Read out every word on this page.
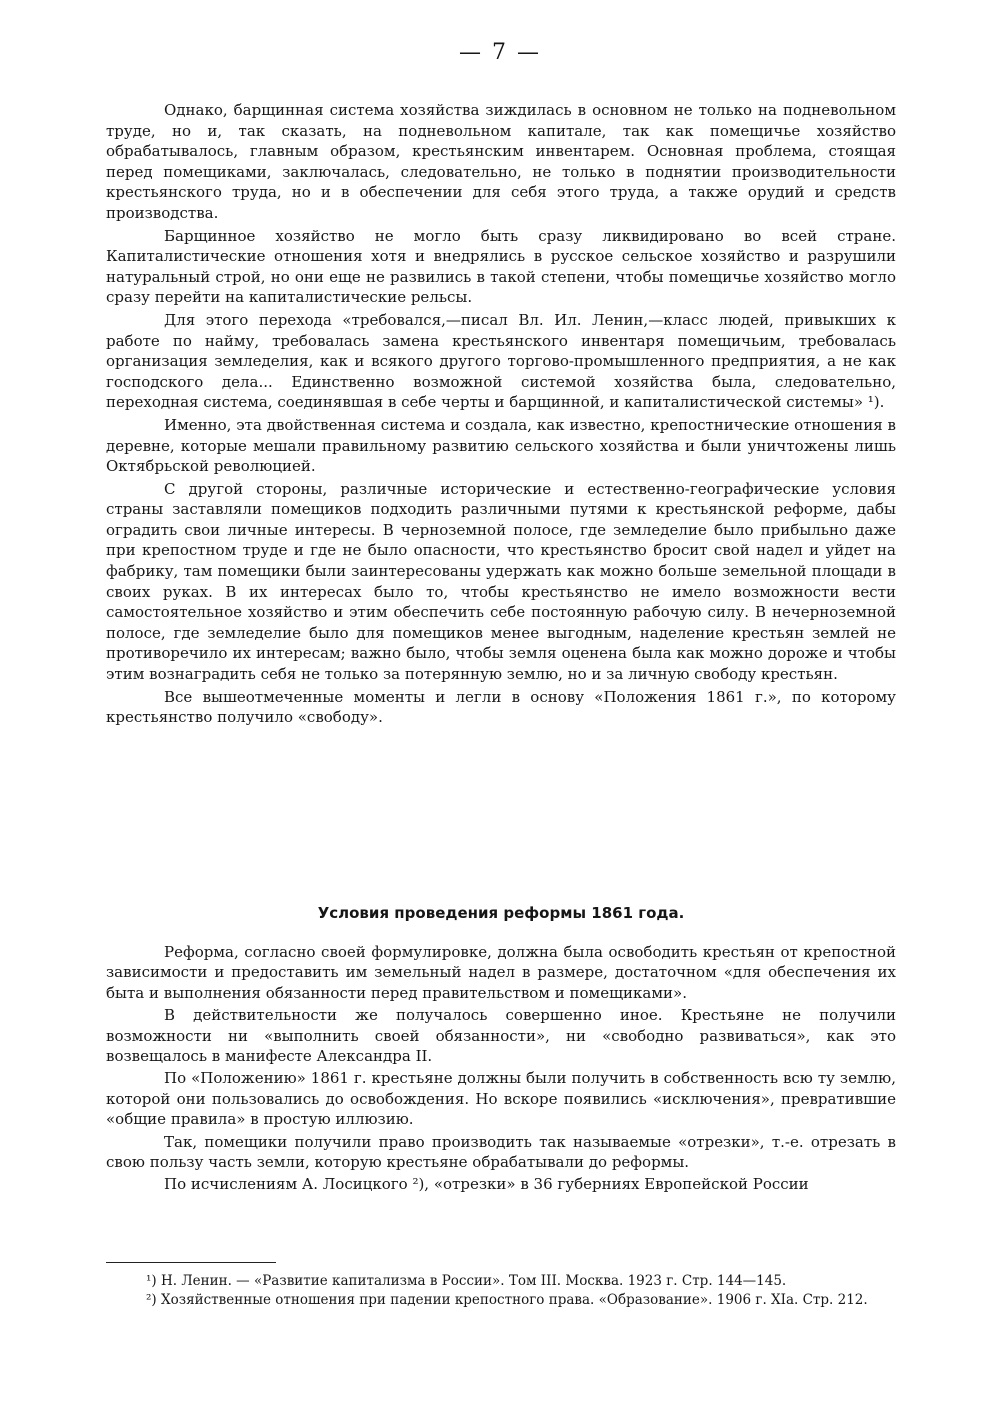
— 7 —

Однако, барщинная система хозяйства зиждилась в основном не только на подневольном труде, но и, так сказать, на подневольном капитале, так как помещичье хозяйство обрабатывалось, главным образом, крестьянским инвентарем. Основная проблема, стоящая перед помещиками, заключалась, следовательно, не только в поднятии производительности крестьянского труда, но и в обеспечении для себя этого труда, а также орудий и средств производства.

Барщинное хозяйство не могло быть сразу ликвидировано во всей стране. Капиталистические отношения хотя и внедрялись в русское сельское хозяйство и разрушили натуральный строй, но они еще не развились в такой степени, чтобы помещичье хозяйство могло сразу перейти на капиталистические рельсы.

Для этого перехода «требовался,—писал Вл. Ил. Ленин,—класс людей, привыкших к работе по найму, требовалась замена крестьянского инвентаря помещичьим, требовалась организация земледелия, как и всякого другого торгово-промышленного предприятия, а не как господского дела... Единственно возможной системой хозяйства была, следовательно, переходная система, соединявшая в себе черты и барщинной, и капиталистической системы» ¹).

Именно, эта двойственная система и создала, как известно, крепостнические отношения в деревне, которые мешали правильному развитию сельского хозяйства и были уничтожены лишь Октябрьской революцией.

С другой стороны, различные исторические и естественно-географические условия страны заставляли помещиков подходить различными путями к крестьянской реформе, дабы оградить свои личные интересы. В черноземной полосе, где земледелие было прибыльно даже при крепостном труде и где не было опасности, что крестьянство бросит свой надел и уйдет на фабрику, там помещики были заинтересованы удержать как можно больше земельной площади в своих руках. В их интересах было то, чтобы крестьянство не имело возможности вести самостоятельное хозяйство и этим обеспечить себе постоянную рабочую силу. В нечерноземной полосе, где земледелие было для помещиков менее выгодным, наделение крестьян землей не противоречило их интересам; важно было, чтобы земля оценена была как можно дороже и чтобы этим вознаградить себя не только за потерянную землю, но и за личную свободу крестьян.

Все вышеотмеченные моменты и легли в основу «Положения 1861 г.», по которому крестьянство получило «свободу».

Условия проведения реформы 1861 года.

Реформа, согласно своей формулировке, должна была освободить крестьян от крепостной зависимости и предоставить им земельный надел в размере, достаточном «для обеспечения их быта и выполнения обязанности перед правительством и помещиками».

В действительности же получалось совершенно иное. Крестьяне не получили возможности ни «выполнить своей обязанности», ни «свободно развиваться», как это возвещалось в манифесте Александра II.

По «Положению» 1861 г. крестьяне должны были получить в собственность всю ту землю, которой они пользовались до освобождения. Но вскоре появились «исключения», превратившие «общие правила» в простую иллюзию.

Так, помещики получили право производить так называемые «отрезки», т.-е. отрезать в свою пользу часть земли, которую крестьяне обрабатывали до реформы.

По исчислениям А. Лосицкого ²), «отрезки» в 36 губерниях Европейской России

¹) Н. Ленин. — «Развитие капитализма в России». Том III. Москва. 1923 г. Стр. 144—145.

²) Хозяйственные отношения при падении крепостного права. «Образование». 1906 г. XIа. Стр. 212.
